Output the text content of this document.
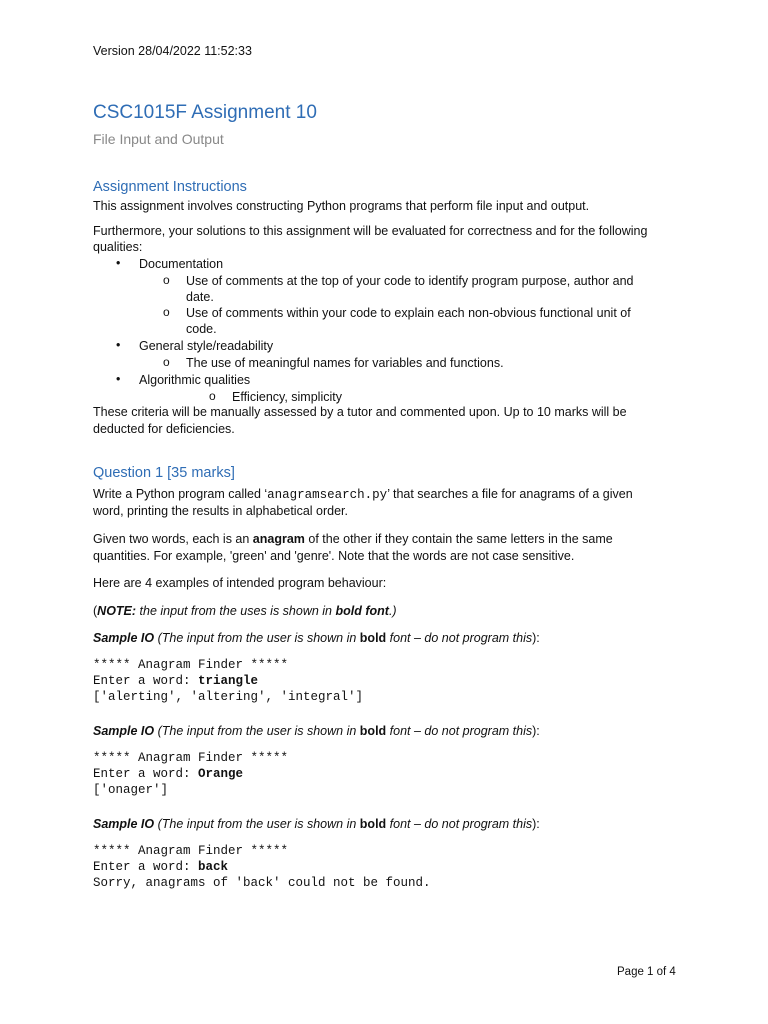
Version 28/04/2022 11:52:33
CSC1015F Assignment 10
File Input and Output
Assignment Instructions
This assignment involves constructing Python programs that perform file input and output.
Furthermore, your solutions to this assignment will be evaluated for correctness and for the following
qualities:
• Documentation
o Use of comments at the top of your code to identify program purpose, author and
date.
o Use of comments within your code to explain each non-obvious functional unit of
code.
• General style/readability
o The use of meaningful names for variables and functions.
• Algorithmic qualities
o Efficiency, simplicity
These criteria will be manually assessed by a tutor and commented upon. Up to 10 marks will be
deducted for deficiencies.
Question 1 [35 marks]
Write a Python program called ‘anagramsearch.py’ that searches a file for anagrams of a given
word, printing the results in alphabetical order.
Given two words, each is an anagram of the other if they contain the same letters in the same
quantities. For example, 'green' and 'genre'. Note that the words are not case sensitive.
Here are 4 examples of intended program behaviour:
(NOTE: the input from the uses is shown in bold font.)
Sample IO (The input from the user is shown in bold font – do not program this):
***** Anagram Finder *****
Enter a word: triangle
['alerting', 'altering', 'integral']
Sample IO (The input from the user is shown in bold font – do not program this):
***** Anagram Finder *****
Enter a word: Orange
['onager']
Sample IO (The input from the user is shown in bold font – do not program this):
***** Anagram Finder *****
Enter a word: back
Sorry, anagrams of 'back' could not be found.
Page 1 of 4
